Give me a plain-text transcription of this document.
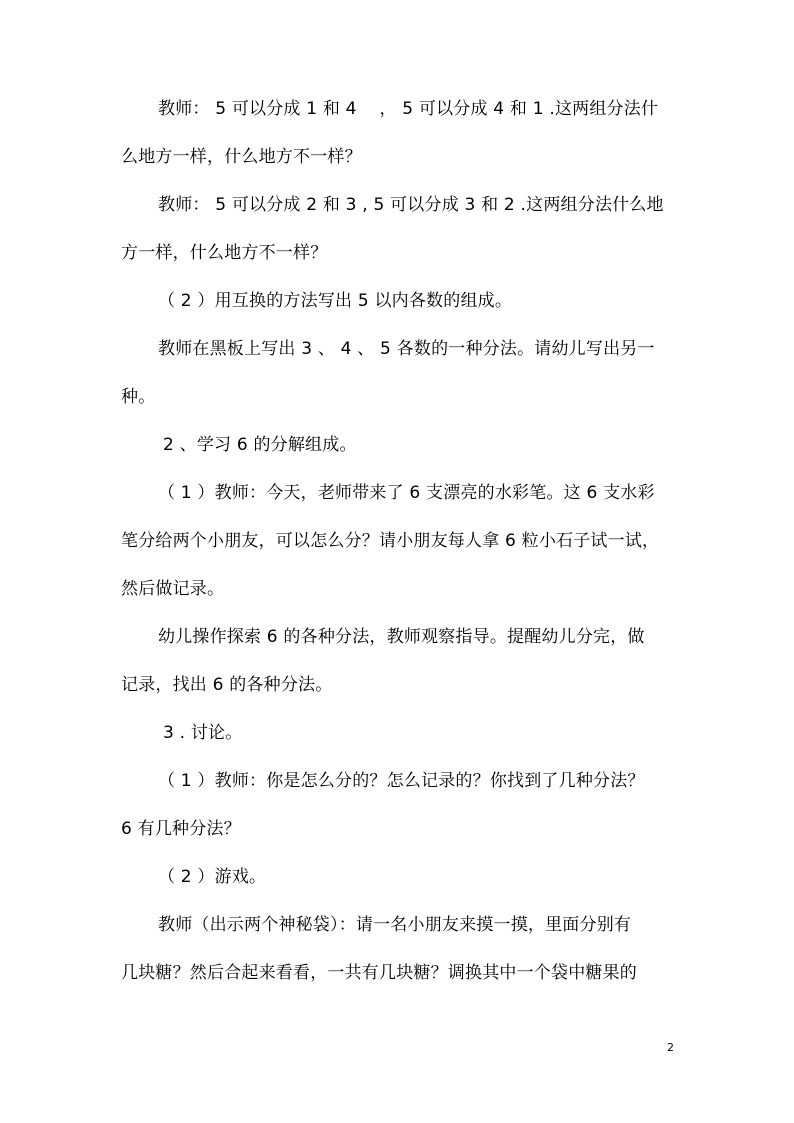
教师： 5 可以分成 1 和 4　 ， 5 可以分成 4 和 1 .这两组分法什
么地方一样，什么地方不一样？
教师： 5 可以分成 2 和 3 , 5 可以分成 3 和 2 .这两组分法什么地
方一样，什么地方不一样？
（ 2 ）用互换的方法写出 5 以内各数的组成。
教师在黑板上写出 3 、 4 、 5 各数的一种分法。请幼儿写出另一
种。
2 、学习 6 的分解组成。
（ 1 ）教师：今天，老师带来了 6 支漂亮的水彩笔。这 6 支水彩
笔分给两个小朋友，可以怎么分？请小朋友每人拿 6 粒小石子试一试，
然后做记录。
幼儿操作探索 6 的各种分法，教师观察指导。提醒幼儿分完，做
记录，找出 6 的各种分法。
3 . 讨论。
（ 1 ）教师：你是怎么分的？怎么记录的？你找到了几种分法？
6 有几种分法？
（ 2 ）游戏。
教师（出示两个神秘袋）：请一名小朋友来摸一摸，里面分别有
几块糖？然后合起来看看，一共有几块糖？调换其中一个袋中糖果的
2
